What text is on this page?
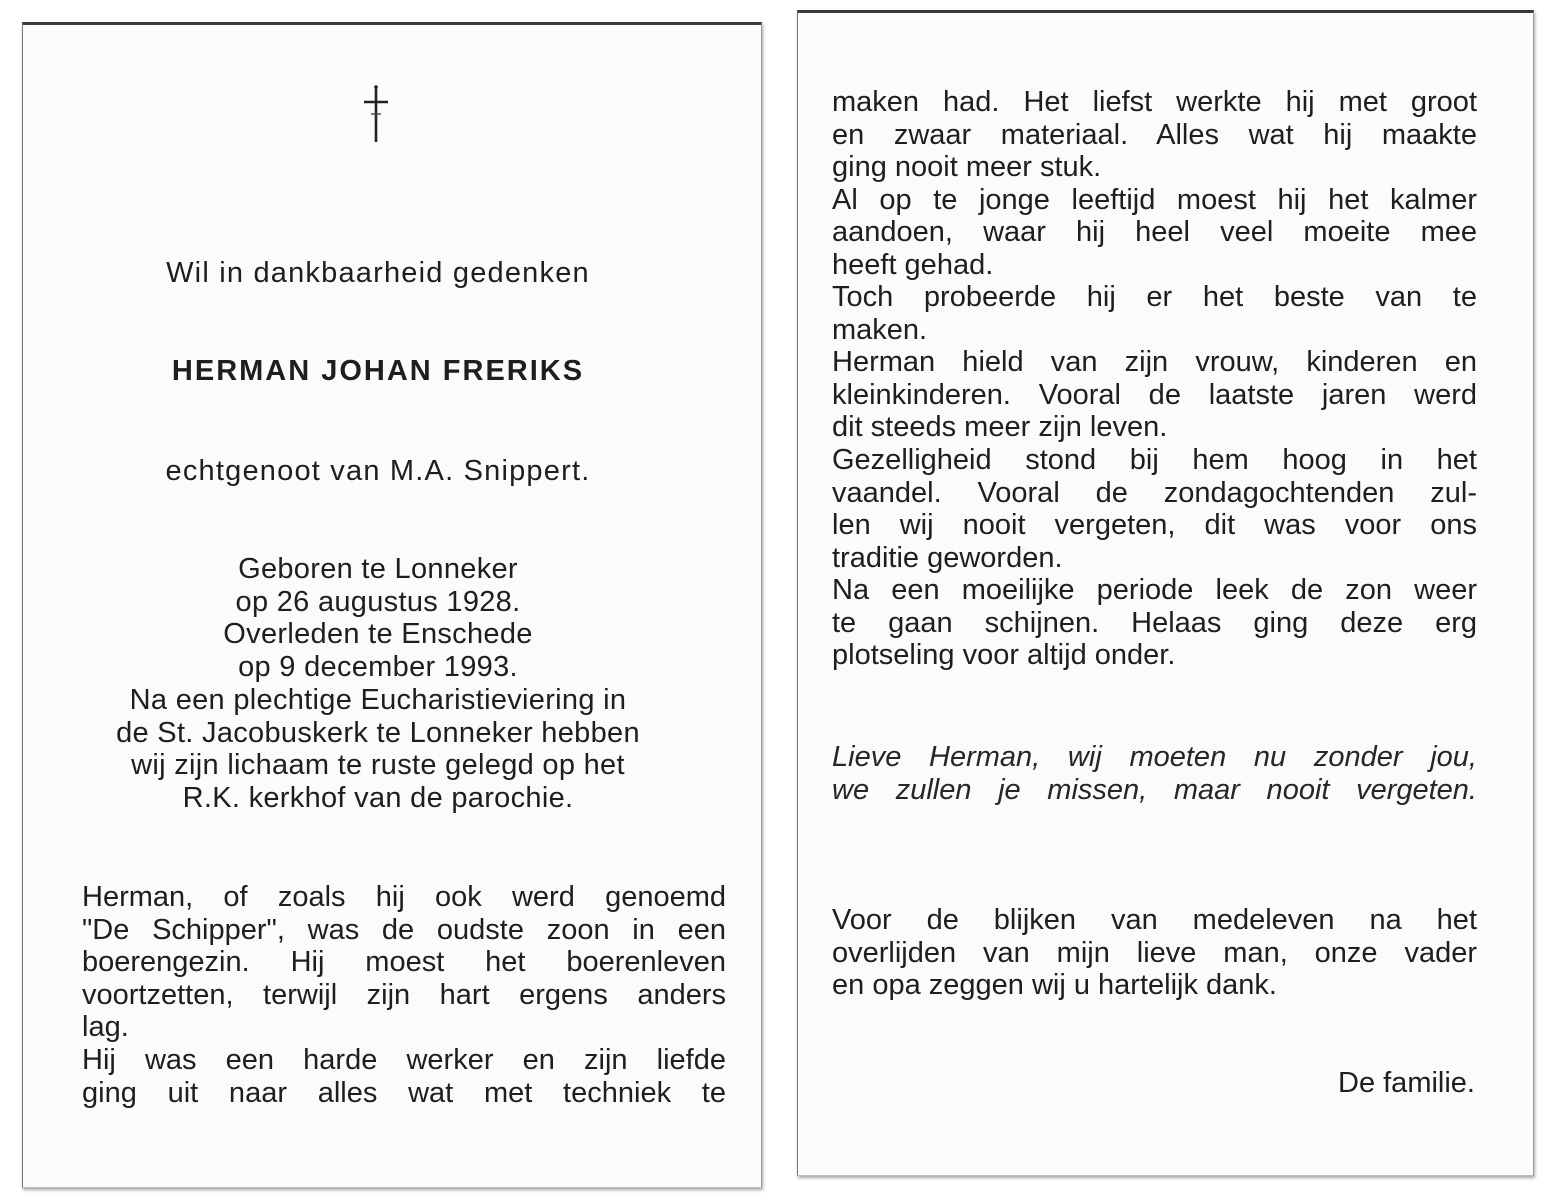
Wil in dankbaarheid gedenken
HERMAN JOHAN FRERIKS
echtgenoot van M.A. Snippert.
Geboren te Lonneker
op 26 augustus 1928.
Overleden te Enschede
op 9 december 1993.
Na een plechtige Eucharistieviering in
de St. Jacobuskerk te Lonneker hebben
wij zijn lichaam te ruste gelegd op het
R.K. kerkhof van de parochie.
Herman, of zoals hij ook werd genoemd
"De Schipper", was de oudste zoon in een
boerengezin. Hij moest het boerenleven
voortzetten, terwijl zijn hart ergens anders
lag.
Hij was een harde werker en zijn liefde
ging uit naar alles wat met techniek te
maken had. Het liefst werkte hij met groot
en zwaar materiaal. Alles wat hij maakte
ging nooit meer stuk.
Al op te jonge leeftijd moest hij het kalmer
aandoen, waar hij heel veel moeite mee
heeft gehad.
Toch probeerde hij er het beste van te
maken.
Herman hield van zijn vrouw, kinderen en
kleinkinderen. Vooral de laatste jaren werd
dit steeds meer zijn leven.
Gezelligheid stond bij hem hoog in het
vaandel. Vooral de zondagochtenden zul-
len wij nooit vergeten, dit was voor ons
traditie geworden.
Na een moeilijke periode leek de zon weer
te gaan schijnen. Helaas ging deze erg
plotseling voor altijd onder.
Lieve Herman, wij moeten nu zonder jou,
we zullen je missen, maar nooit vergeten.
Voor de blijken van medeleven na het
overlijden van mijn lieve man, onze vader
en opa zeggen wij u hartelijk dank.
De familie.
